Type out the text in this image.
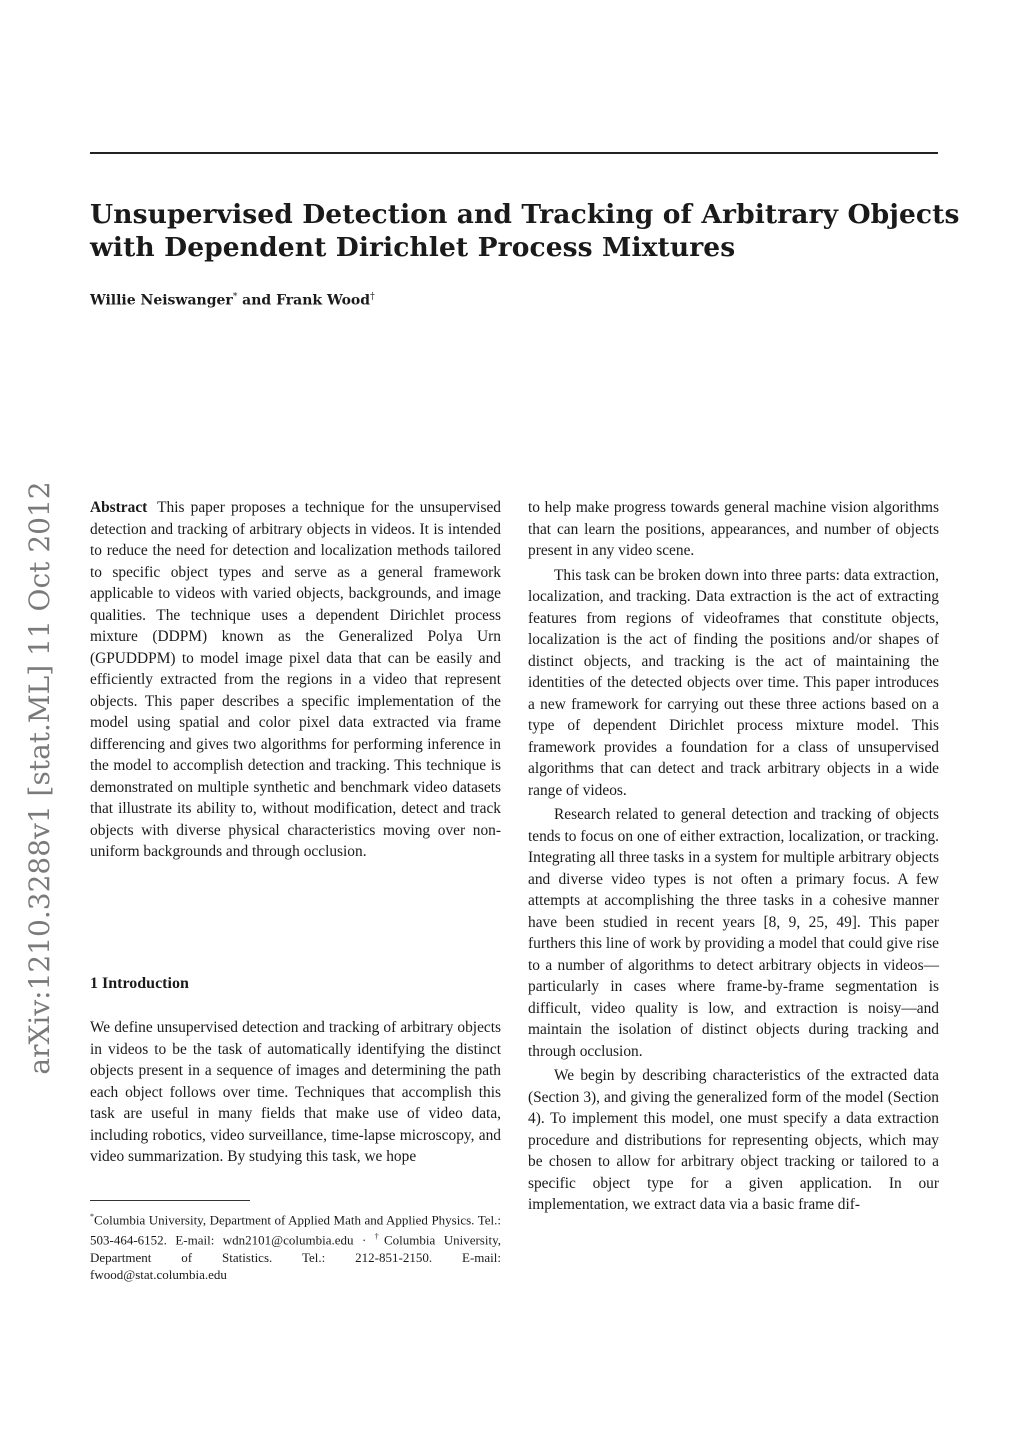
arXiv:1210.3288v1 [stat.ML] 11 Oct 2012
Unsupervised Detection and Tracking of Arbitrary Objects
with Dependent Dirichlet Process Mixtures
Willie Neiswanger* and Frank Wood†

Abstract This paper proposes a technique for the unsupervised detection and tracking of arbitrary objects in videos. It is intended to reduce the need for detection and localization methods tailored to specific object types and serve as a general framework applicable to videos with varied objects, backgrounds, and image qualities. The technique uses a dependent Dirichlet process mixture (DDPM) known as the Generalized Polya Urn (GPUDDPM) to model image pixel data that can be easily and efficiently extracted from the regions in a video that represent objects. This paper describes a specific implementation of the model using spatial and color pixel data extracted via frame differencing and gives two algorithms for performing inference in the model to accomplish detection and tracking. This technique is demonstrated on multiple synthetic and benchmark video datasets that illustrate its ability to, without modification, detect and track objects with diverse physical characteristics moving over non-uniform backgrounds and through occlusion.

1 Introduction

We define unsupervised detection and tracking of arbitrary objects in videos to be the task of automatically identifying the distinct objects present in a sequence of images and determining the path each object follows over time. Techniques that accomplish this task are useful in many fields that make use of video data, including robotics, video surveillance, time-lapse microscopy, and video summarization. By studying this task, we hope

*Columbia University, Department of Applied Math and Applied Physics. Tel.: 503-464-6152. E-mail: wdn2101@columbia.edu · †Columbia University, Department of Statistics. Tel.: 212-851-2150. E-mail: fwood@stat.columbia.edu

to help make progress towards general machine vision algorithms that can learn the positions, appearances, and number of objects present in any video scene.

This task can be broken down into three parts: data extraction, localization, and tracking. Data extraction is the act of extracting features from regions of videoframes that constitute objects, localization is the act of finding the positions and/or shapes of distinct objects, and tracking is the act of maintaining the identities of the detected objects over time. This paper introduces a new framework for carrying out these three actions based on a type of dependent Dirichlet process mixture model. This framework provides a foundation for a class of unsupervised algorithms that can detect and track arbitrary objects in a wide range of videos.

Research related to general detection and tracking of objects tends to focus on one of either extraction, localization, or tracking. Integrating all three tasks in a system for multiple arbitrary objects and diverse video types is not often a primary focus. A few attempts at accomplishing the three tasks in a cohesive manner have been studied in recent years [8, 9, 25, 49]. This paper furthers this line of work by providing a model that could give rise to a number of algorithms to detect arbitrary objects in videos—particularly in cases where frame-by-frame segmentation is difficult, video quality is low, and extraction is noisy—and maintain the isolation of distinct objects during tracking and through occlusion.

We begin by describing characteristics of the extracted data (Section 3), and giving the generalized form of the model (Section 4). To implement this model, one must specify a data extraction procedure and distributions for representing objects, which may be chosen to allow for arbitrary object tracking or tailored to a specific object type for a given application. In our implementation, we extract data via a basic frame dif-
